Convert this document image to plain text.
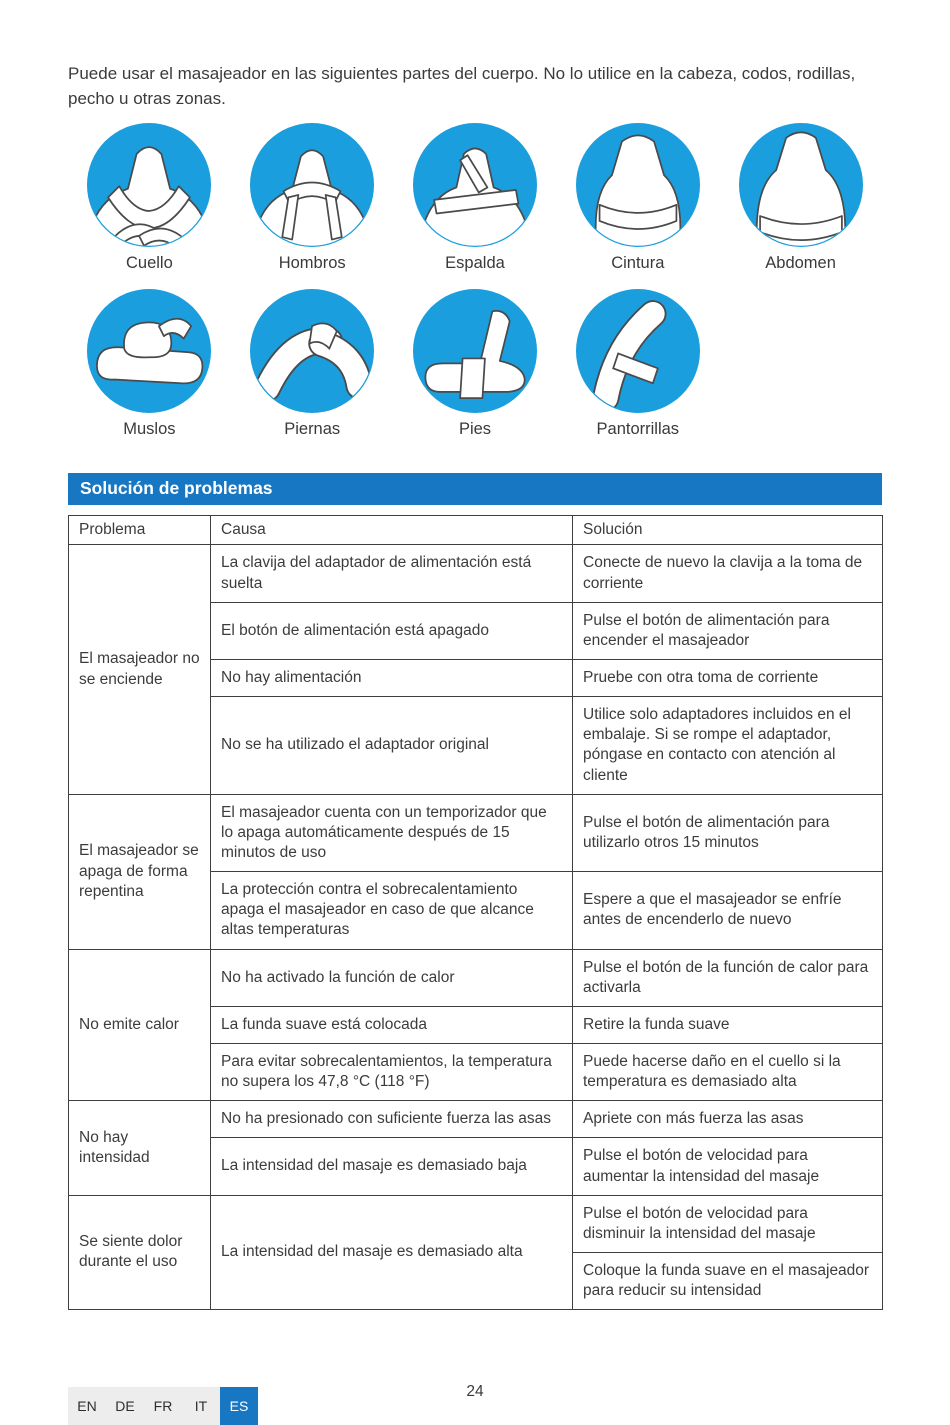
Puede usar el masajeador en las siguientes partes del cuerpo. No lo utilice en la cabeza, codos, rodillas, pecho u otras zonas.

Cuello	Hombros	Espalda	Cintura	Abdomen
Muslos	Piernas	Pies	Pantorrillas
Solución de problemas
Problema	Causa	Solución
El masajeador no se enciende	La clavija del adaptador de alimentación está suelta	Conecte de nuevo la clavija a la toma de corriente
	El botón de alimentación está apagado	Pulse el botón de alimentación para encender el masajeador
	No hay alimentación	Pruebe con otra toma de corriente
	No se ha utilizado el adaptador original	Utilice solo adaptadores incluidos en el embalaje. Si se rompe el adaptador, póngase en contacto con atención al cliente
El masajeador se apaga de forma repentina	El masajeador cuenta con un temporizador que lo apaga automáticamente después de 15 minutos de uso	Pulse el botón de alimentación para utilizarlo otros 15 minutos
	La protección contra el sobrecalentamiento apaga el masajeador en caso de que alcance altas temperaturas	Espere a que el masajeador se enfríe antes de encenderlo de nuevo
No emite calor	No ha activado la función de calor	Pulse el botón de la función de calor para activarla
	La funda suave está colocada	Retire la funda suave
	Para evitar sobrecalentamientos, la temperatura no supera los 47,8 °C (118 °F)	Puede hacerse daño en el cuello si la temperatura es demasiado alta
No hay intensidad	No ha presionado con suficiente fuerza las asas	Apriete con más fuerza las asas
	La intensidad del masaje es demasiado baja	Pulse el botón de velocidad para aumentar la intensidad del masaje
Se siente dolor durante el uso	La intensidad del masaje es demasiado alta	Pulse el botón de velocidad para disminuir la intensidad del masaje
		Coloque la funda suave en el masajeador para reducir su intensidad
24
EN	DE	FR	IT	ES
